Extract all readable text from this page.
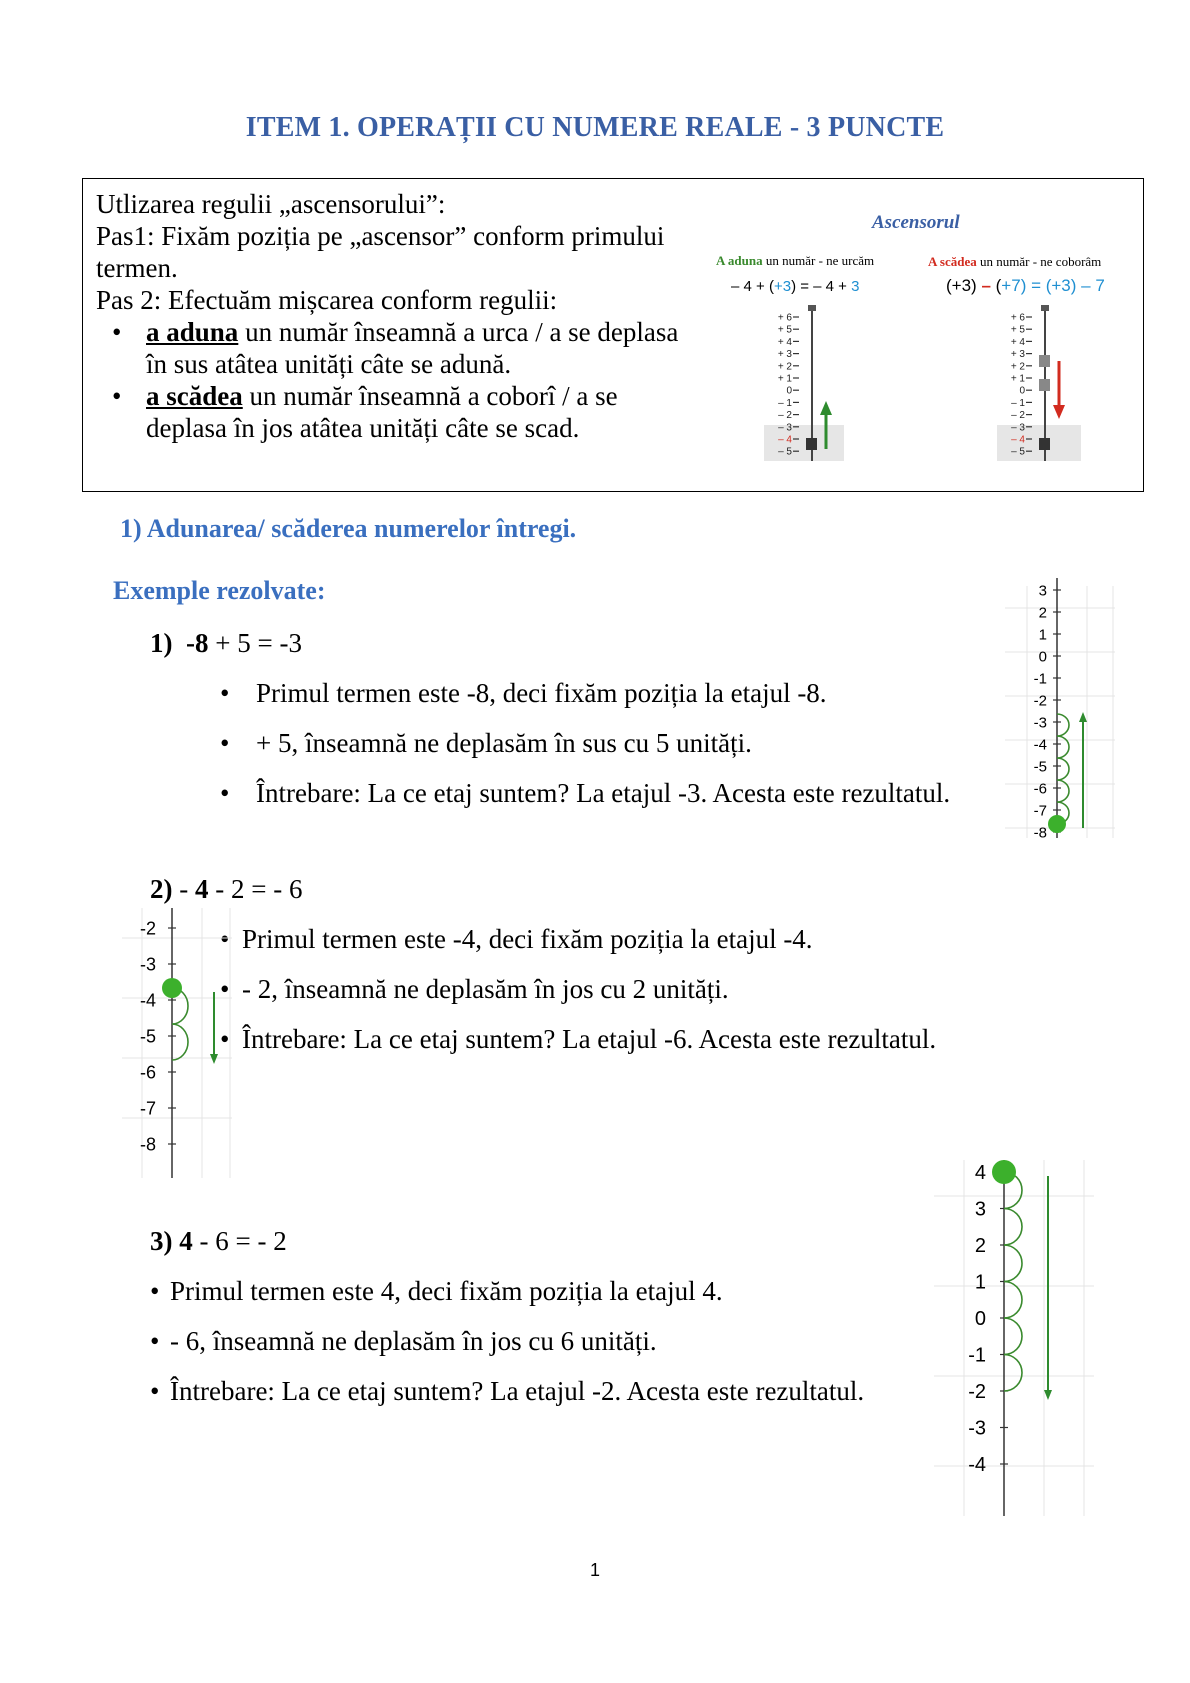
ITEM 1. OPERAȚII CU NUMERE REALE - 3 PUNCTE

Utlizarea regulii „ascensorului”:

Pas1: Fixăm poziția pe „ascensor” conform primului

termen.

Pas 2: Efectuăm mișcarea conform regulii:

• a aduna un număr înseamnă a urca / a se deplasa
în sus atâtea unități câte se adună.
• a scădea un număr înseamnă a coborî / a se
deplasa în jos atâtea unități câte se scad.
Ascensorul
A aduna un număr - ne urcăm	A scădea un număr - ne coborâm
– 4 + (+3) = – 4 + 3	(+3) – (+7) = (+3) – 7
+ 6
+ 5
+ 4
+ 3
+ 2
+ 1
0
– 1
– 2
– 3
– 4
– 5
+ 6
+ 5
+ 4
+ 3
+ 2
+ 1
0
– 1
– 2
– 3
– 4
– 5
1) Adunarea/ scăderea numerelor întregi.
Exemple rezolvate:
1) -8 + 5 = -3
• Primul termen este -8, deci fixăm poziția la etajul -8.
• + 5, înseamnă ne deplasăm în sus cu 5 unități.
• Întrebare: La ce etaj suntem? La etajul -3. Acesta este rezultatul.
3
2
1
0
-1
-2
-3
-4
-5
-6
-7
-8
2) - 4 - 2 = - 6
• Primul termen este -4, deci fixăm poziția la etajul -4.
• - 2, înseamnă ne deplasăm în jos cu 2 unități.
• Întrebare: La ce etaj suntem? La etajul -6. Acesta este rezultatul.
-2
-3
-4
-5
-6
-7
-8
3) 4 - 6 = - 2
• Primul termen este 4, deci fixăm poziția la etajul 4.
• - 6, înseamnă ne deplasăm în jos cu 6 unități.
• Întrebare: La ce etaj suntem? La etajul -2. Acesta este rezultatul.
4
3
2
1
0
-1
-2
-3
-4
1
